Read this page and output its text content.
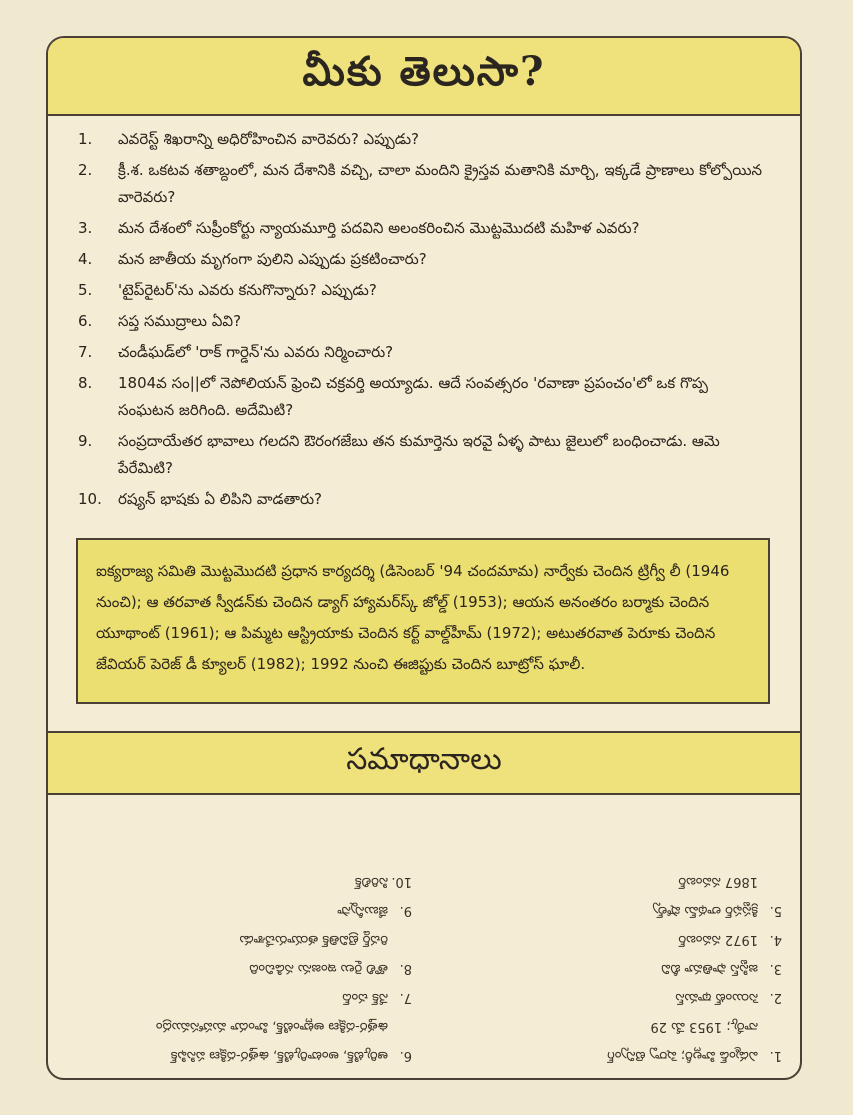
మీకు తెలుసా?
1.	ఎవరెస్ట్ శిఖరాన్ని అధిరోహించిన వారెవరు? ఎప్పుడు?
2.	క్రీ.శ. ఒకటవ శతాబ్దంలో, మన దేశానికి వచ్చి, చాలా మందిని క్రైస్తవ మతానికి మార్చి, ఇక్కడే ప్రాణాలు కోల్పోయిన వారెవరు?
3.	మన దేశంలో సుప్రీంకోర్టు న్యాయమూర్తి పదవిని అలంకరించిన మొట్టమొదటి మహిళ ఎవరు?
4.	మన జాతీయ మృగంగా పులిని ఎప్పుడు ప్రకటించారు?
5.	'టైప్‌రైటర్'ను ఎవరు కనుగొన్నారు? ఎప్పుడు?
6.	సప్త సముద్రాలు ఏవి?
7.	చండీఘడ్‌లో 'రాక్ గార్డెన్'ను ఎవరు నిర్మించారు?
8.	1804వ సం||లో నెపోలియన్ ఫ్రెంచి చక్రవర్తి అయ్యాడు. ఆదే సంవత్సరం 'రవాణా ప్రపంచం'లో ఒక గొప్ప సంఘటన జరిగింది. అదేమిటి?
9.	సంప్రదాయేతర భావాలు గలదని ఔరంగజేబు తన కుమార్తెను ఇరవై ఏళ్ళ పాటు జైలులో బంధించాడు. ఆమె పేరేమిటి?
10.	రష్యన్ భాషకు ఏ లిపిని వాడతారు?
ఐక్యరాజ్య సమితి మొట్టమొదటి ప్రధాన కార్యదర్శి (డిసెంబర్ '94 చందమామ) నార్వేకు చెందిన ట్రిగ్వీ లీ (1946 నుంచి); ఆ తరవాత స్వీడన్‌కు చెందిన డ్యాగ్ హ్యామర్‌స్క్ జోల్డ్ (1953); ఆయన అనంతరం బర్మాకు చెందిన యూథాంట్ (1961); ఆ పిమ్మట ఆస్ట్రియాకు చెందిన కర్ట్ వాల్డ్‌హీమ్ (1972); అటుతరవాత పెరూకు చెందిన జేవియర్ పెరెజ్ డీ క్యూలర్ (1982); 1992 నుంచి ఈజిప్టుకు చెందిన బూట్రోస్ ఘాలీ.
సమాధానాలు
1.
ఎడ్మండ్ హిల్లరీ; షెర్పా టెన్సింగ్
నార్కే; 1953 మే 29
2.
సెయింట్ థామస్
3.
జస్టిస్ ఫాతిమా బీవి
4.
1972 నవంబర్
5.
క్రిస్టఫర్ లాథమ్ షోల్స్
1867 నవంబర్
6.
ఆర్కిటిక్, అంటార్కిటిక్, ఉత్తర-దక్షిణ పసిఫిక్
ఉత్తర-దక్షిణ అట్లాంటిక్, హిందూ మహాసముద్రం
7.
నేక్ చంద్
8.
తొలి రైలు ఇంజను నడిచింది
రిచర్డ్ ట్రెవితిక్ తయారుచేశాడు
9.
జేబున్నీసా
10.
సిరిలిక్
